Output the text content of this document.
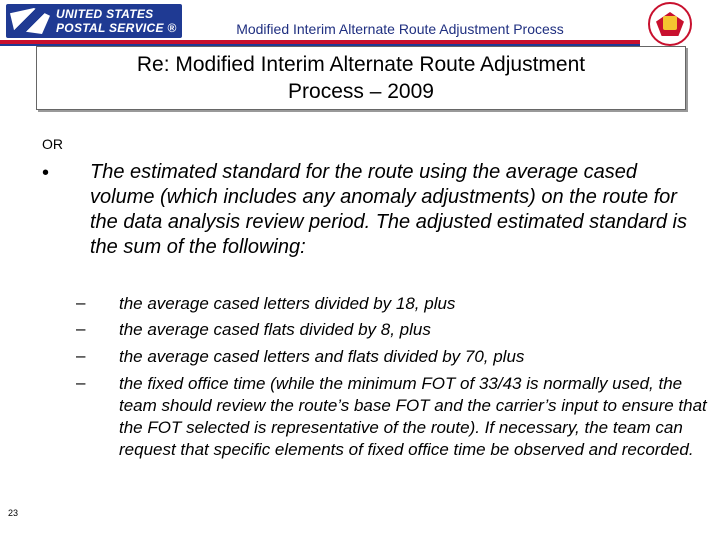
UNITED STATES
POSTAL SERVICE ®	Modified Interim Alternate Route Adjustment Process
Re: Modified Interim Alternate Route Adjustment
Process – 2009
OR
• The estimated standard for the route using the average cased volume (which includes any anomaly adjustments) on the route for the data analysis review period. The adjusted estimated standard is the sum of the following:
– the average cased letters divided by 18, plus
– the average cased flats divided by 8, plus
– the average cased letters and flats divided by 70, plus
– the fixed office time (while the minimum FOT of 33/43 is normally used, the team should review the route’s base FOT and the carrier’s input to ensure that the FOT selected is representative of the route). If necessary, the team can request that specific elements of fixed office time be observed and recorded.
23
